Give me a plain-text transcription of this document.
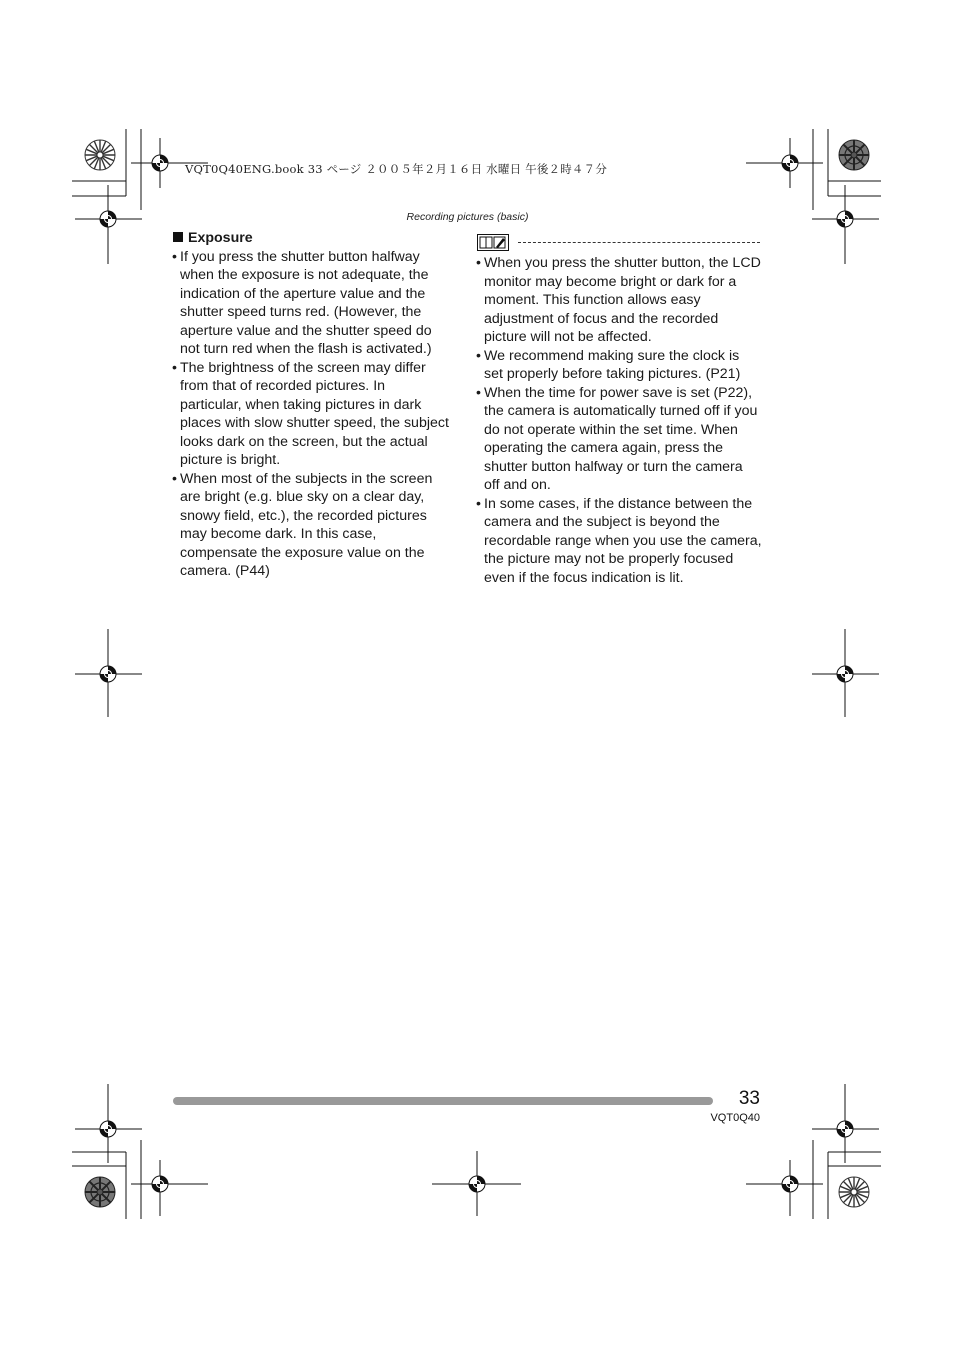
VQT0Q40ENG.book 33 ページ ２００５年２月１６日 水曜日 午後２時４７分
Recording pictures (basic)
Exposure
• If you press the shutter button halfway when the exposure is not adequate, the indication of the aperture value and the shutter speed turns red. (However, the aperture value and the shutter speed do not turn red when the flash is activated.)
• The brightness of the screen may differ from that of recorded pictures. In particular, when taking pictures in dark places with slow shutter speed, the subject looks dark on the screen, but the actual picture is bright.
• When most of the subjects in the screen are bright (e.g. blue sky on a clear day, snowy field, etc.), the recorded pictures may become dark. In this case, compensate the exposure value on the camera. (P44)
• When you press the shutter button, the LCD monitor may become bright or dark for a moment. This function allows easy adjustment of focus and the recorded picture will not be affected.
• We recommend making sure the clock is set properly before taking pictures. (P21)
• When the time for power save is set (P22), the camera is automatically turned off if you do not operate within the set time. When operating the camera again, press the shutter button halfway or turn the camera off and on.
• In some cases, if the distance between the camera and the subject is beyond the recordable range when you use the camera, the picture may not be properly focused even if the focus indication is lit.
33
VQT0Q40
